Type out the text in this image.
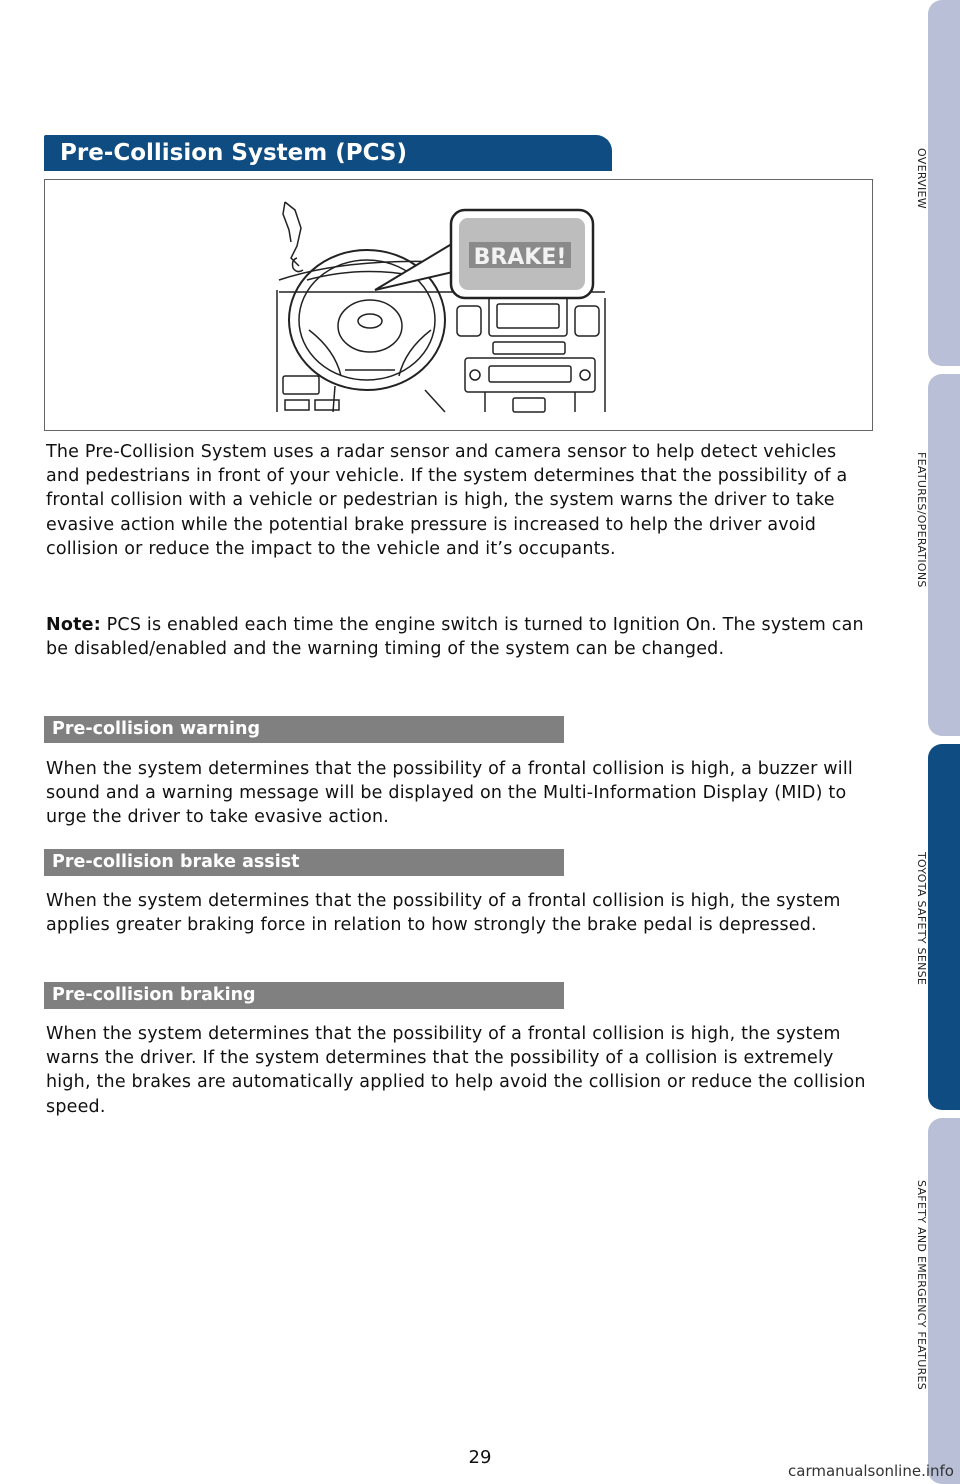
Pre-Collision System (PCS)
BRAKE!

The Pre-Collision System uses a radar sensor and camera sensor to help detect vehicles and pedestrians in front of your vehicle. If the system determines that the possibility of a frontal collision with a vehicle or pedestrian is high, the system warns the driver to take evasive action while the potential brake pressure is increased to help the driver avoid collision or reduce the impact to the vehicle and it’s occupants.

Note: PCS is enabled each time the engine switch is turned to Ignition On. The system can be disabled/enabled and the warning timing of the system can be changed.

Pre-collision warning

When the system determines that the possibility of a frontal collision is high, a buzzer will sound and a warning message will be displayed on the Multi-Information Display (MID) to urge the driver to take evasive action.

Pre-collision brake assist

When the system determines that the possibility of a frontal collision is high, the system applies greater braking force in relation to how strongly the brake pedal is depressed.

Pre-collision braking

When the system determines that the possibility of a frontal collision is high, the system warns the driver. If the system determines that the possibility of a collision is extremely high, the brakes are automatically applied to help avoid the collision or reduce the collision speed.

OVERVIEW
FEATURES/OPERATIONS
TOYOTA SAFETY SENSE
SAFETY AND EMERGENCY FEATURES
29
carmanualsonline.info
